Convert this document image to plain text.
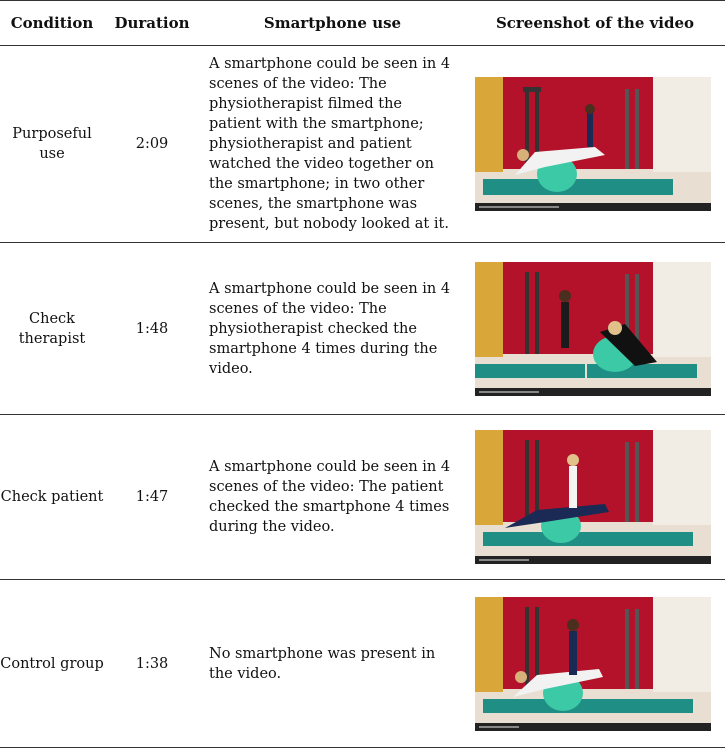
Condition	Duration	Smartphone use	Screenshot of the video
Purposeful use	2:09	A smartphone could be seen in 4 scenes of the video: The physiotherapist filmed the patient with the smartphone; physiotherapist and patient watched the video together on the smartphone; in two other scenes, the smartphone was present, but nobody looked at it.	

Check therapist	1:48	A smartphone could be seen in 4 scenes of the video: The physiotherapist checked the smartphone 4 times during the video.	

Check patient	1:47	A smartphone could be seen in 4 scenes of the video: The patient checked the smartphone 4 times during the video.	

Control group	1:38	No smartphone was present in the video.	
